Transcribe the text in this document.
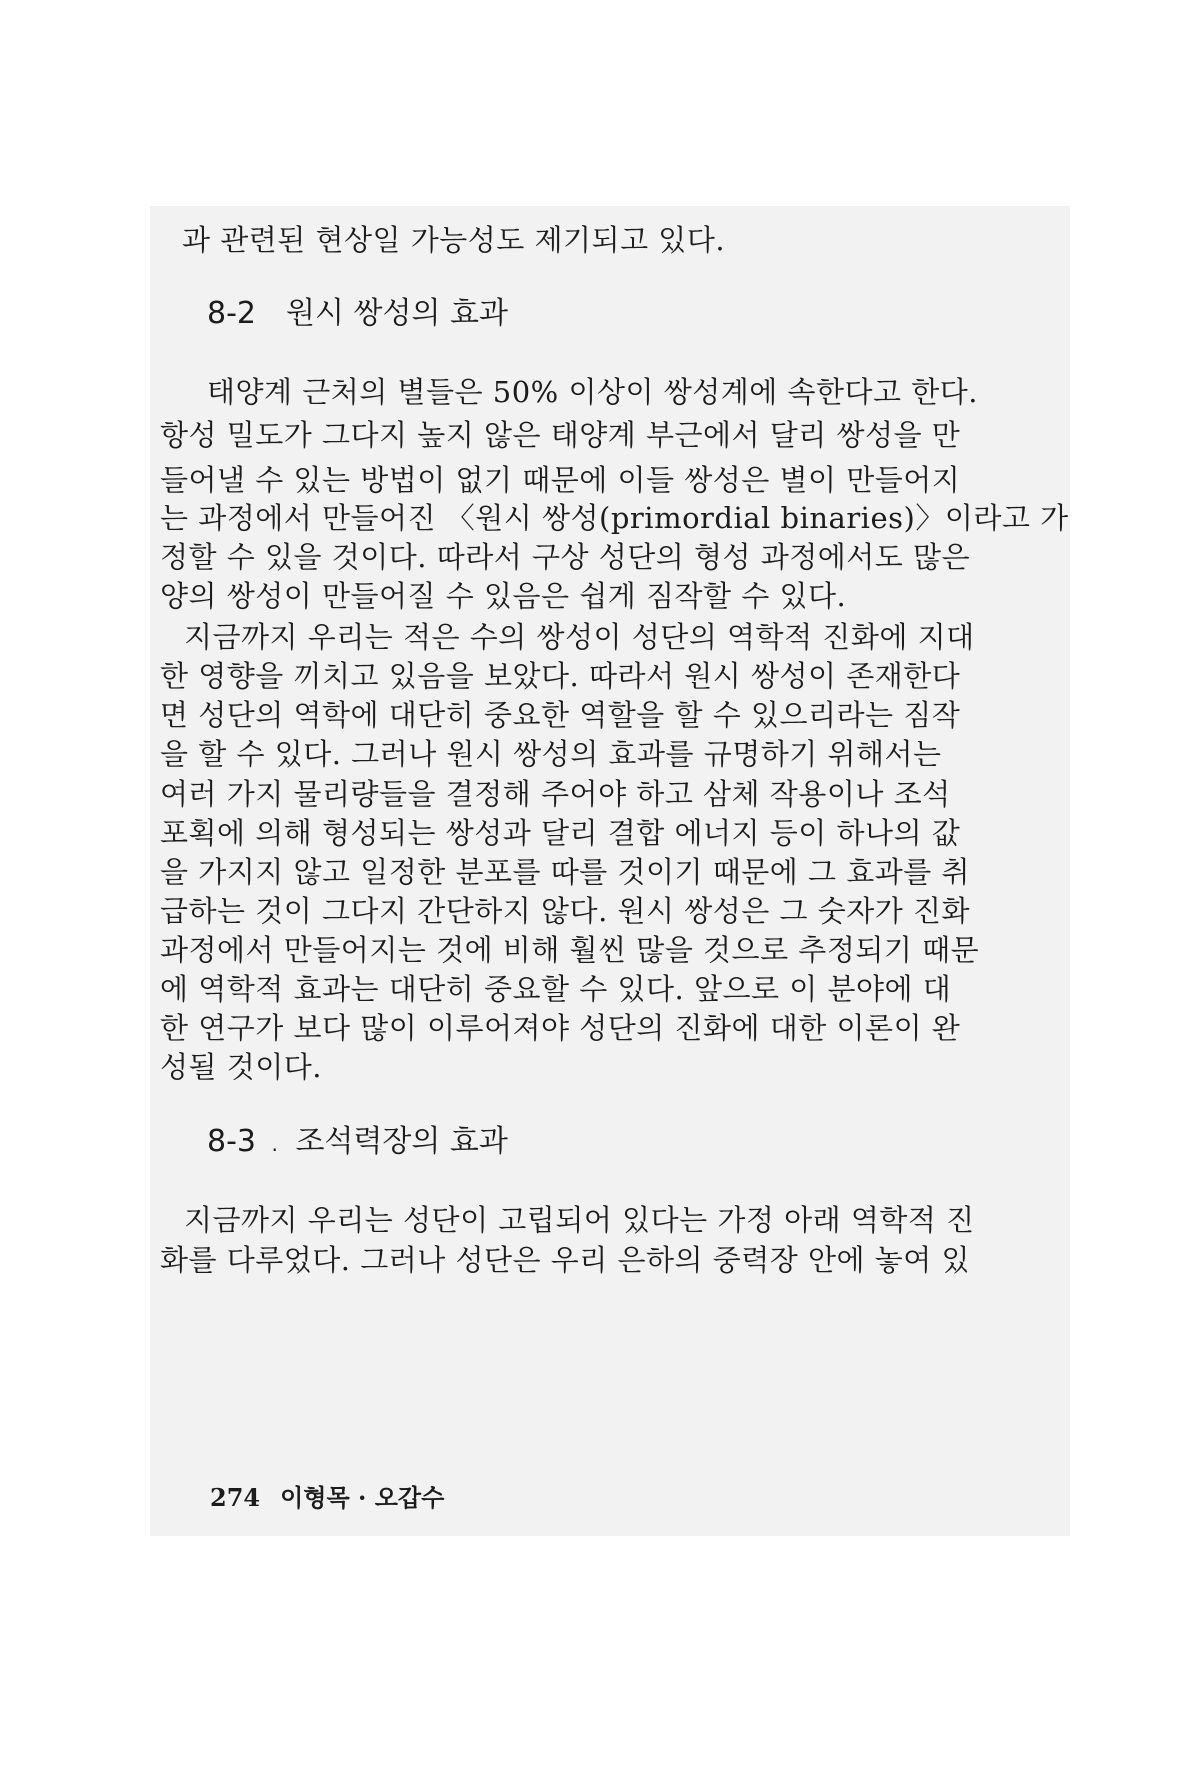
과 관련된 현상일 가능성도 제기되고 있다.
8-2 원시 쌍성의 효과
태양계 근처의 별들은 50% 이상이 쌍성계에 속한다고 한다.
항성 밀도가 그다지 높지 않은 태양계 부근에서 달리 쌍성을 만
들어낼 수 있는 방법이 없기 때문에 이들 쌍성은 별이 만들어지
는 과정에서 만들어진 〈원시 쌍성(primordial binaries)〉이라고 가
정할 수 있을 것이다. 따라서 구상 성단의 형성 과정에서도 많은
양의 쌍성이 만들어질 수 있음은 쉽게 짐작할 수 있다.
지금까지 우리는 적은 수의 쌍성이 성단의 역학적 진화에 지대
한 영향을 끼치고 있음을 보았다. 따라서 원시 쌍성이 존재한다
면 성단의 역학에 대단히 중요한 역할을 할 수 있으리라는 짐작
을 할 수 있다. 그러나 원시 쌍성의 효과를 규명하기 위해서는
여러 가지 물리량들을 결정해 주어야 하고 삼체 작용이나 조석
포획에 의해 형성되는 쌍성과 달리 결합 에너지 등이 하나의 값
을 가지지 않고 일정한 분포를 따를 것이기 때문에 그 효과를 취
급하는 것이 그다지 간단하지 않다. 원시 쌍성은 그 숫자가 진화
과정에서 만들어지는 것에 비해 훨씬 많을 것으로 추정되기 때문
에 역학적 효과는 대단히 중요할 수 있다. 앞으로 이 분야에 대
한 연구가 보다 많이 이루어져야 성단의 진화에 대한 이론이 완
성될 것이다.
8-3 . 조석력장의 효과
지금까지 우리는 성단이 고립되어 있다는 가정 아래 역학적 진
화를 다루었다. 그러나 성단은 우리 은하의 중력장 안에 놓여 있
274 이형목 · 오갑수
